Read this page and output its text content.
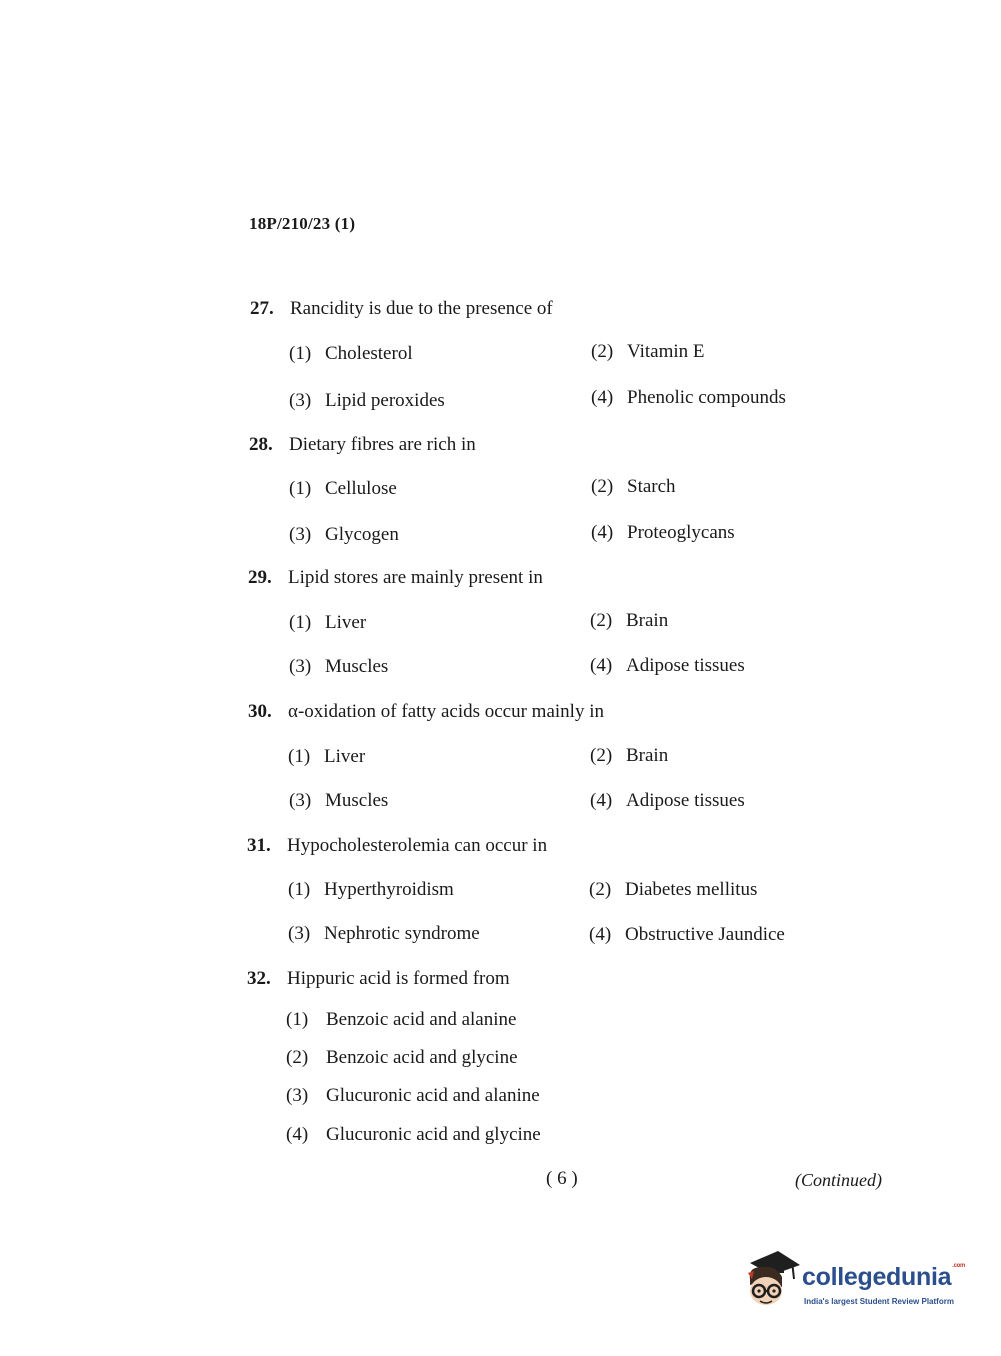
18P/210/23 (1)
27. Rancidity is due to the presence of
(1) Cholesterol	(2) Vitamin E
(3) Lipid peroxides	(4) Phenolic compounds
28. Dietary fibres are rich in
(1) Cellulose	(2) Starch
(3) Glycogen	(4) Proteoglycans
29. Lipid stores are mainly present in
(1) Liver	(2) Brain
(3) Muscles	(4) Adipose tissues
30. α-oxidation of fatty acids occur mainly in
(1) Liver	(2) Brain
(3) Muscles	(4) Adipose tissues
31. Hypocholesterolemia can occur in
(1) Hyperthyroidism	(2) Diabetes mellitus
(3) Nephrotic syndrome	(4) Obstructive Jaundice
32. Hippuric acid is formed from
(1) Benzoic acid and alanine
(2) Benzoic acid and glycine
(3) Glucuronic acid and alanine
(4) Glucuronic acid and glycine
( 6 )	(Continued)
collegedunia$^{.com}$
India's largest Student Review Platform
